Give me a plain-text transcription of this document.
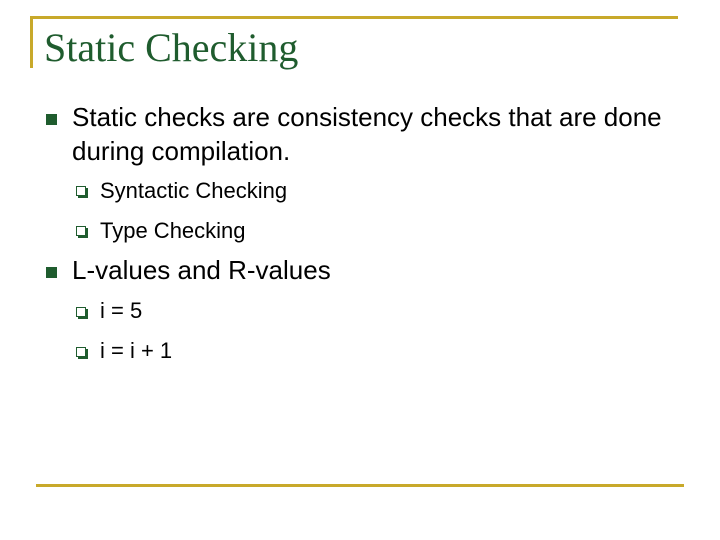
Static Checking
Static checks are consistency checks that are done during compilation.
Syntactic Checking
Type Checking
L-values and R-values
i = 5
i = i + 1
